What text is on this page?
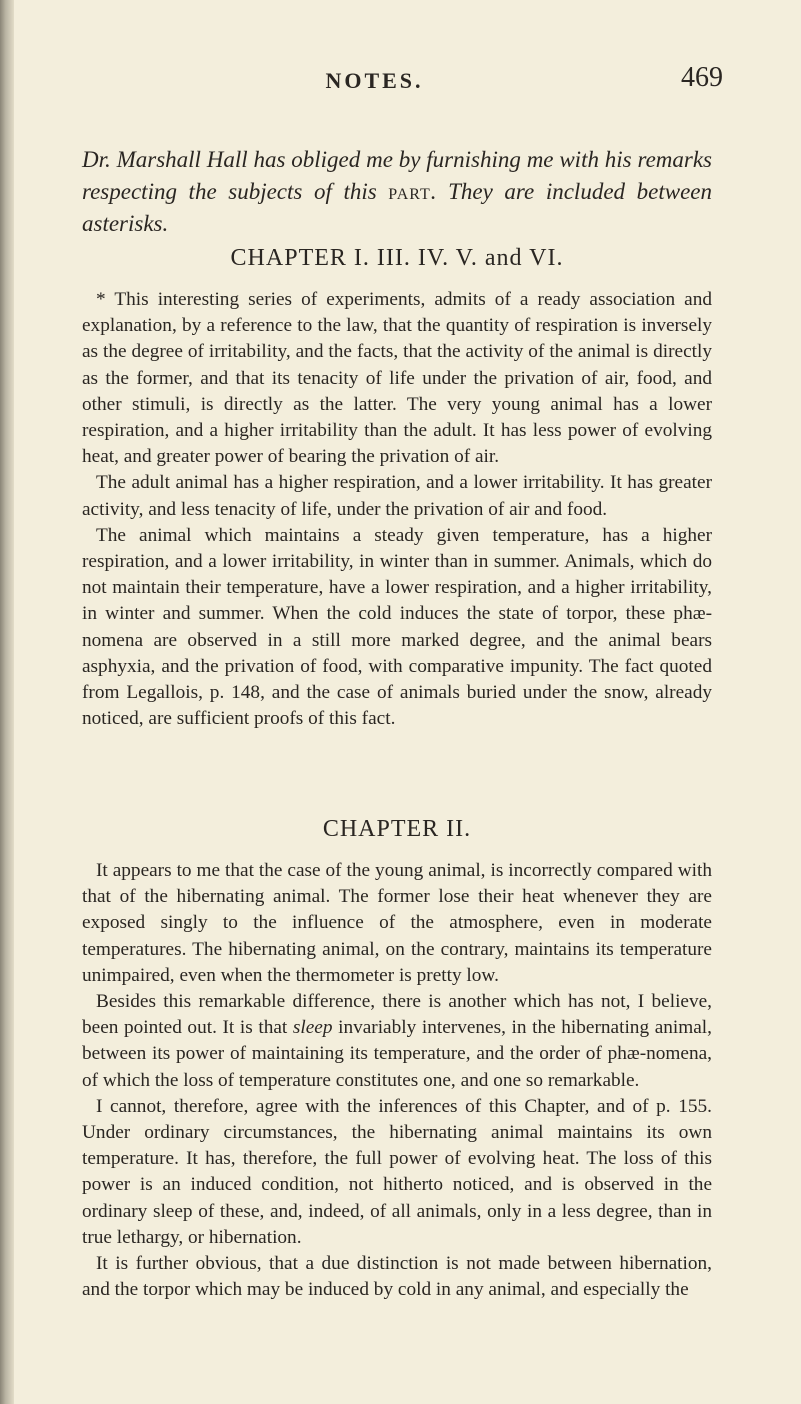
NOTES.	469
Dr. Marshall Hall has obliged me by furnishing me with his remarks respecting the subjects of this part. They are included between asterisks.
CHAPTER I. III. IV. V. and VI.

* This interesting series of experiments, admits of a ready association and explanation, by a reference to the law, that the quantity of respiration is inversely as the degree of irritability, and the facts, that the activity of the animal is directly as the former, and that its tenacity of life under the privation of air, food, and other stimuli, is directly as the latter. The very young animal has a lower respiration, and a higher irritability than the adult. It has less power of evolving heat, and greater power of bearing the privation of air.

The adult animal has a higher respiration, and a lower irritability. It has greater activity, and less tenacity of life, under the privation of air and food.

The animal which maintains a steady given temperature, has a higher respiration, and a lower irritability, in winter than in summer. Animals, which do not maintain their temperature, have a lower respiration, and a higher irritability, in winter and summer. When the cold induces the state of torpor, these phæ-nomena are observed in a still more marked degree, and the animal bears asphyxia, and the privation of food, with comparative impunity. The fact quoted from Legallois, p. 148, and the case of animals buried under the snow, already noticed, are sufficient proofs of this fact.

CHAPTER II.

It appears to me that the case of the young animal, is incorrectly compared with that of the hibernating animal. The former lose their heat whenever they are exposed singly to the influence of the atmosphere, even in moderate temperatures. The hibernating animal, on the contrary, maintains its temperature unimpaired, even when the thermometer is pretty low.

Besides this remarkable difference, there is another which has not, I believe, been pointed out. It is that sleep invariably intervenes, in the hibernating animal, between its power of maintaining its temperature, and the order of phæ-nomena, of which the loss of temperature constitutes one, and one so remarkable.

I cannot, therefore, agree with the inferences of this Chapter, and of p. 155. Under ordinary circumstances, the hibernating animal maintains its own temperature. It has, therefore, the full power of evolving heat. The loss of this power is an induced condition, not hitherto noticed, and is observed in the ordinary sleep of these, and, indeed, of all animals, only in a less degree, than in true lethargy, or hibernation.

It is further obvious, that a due distinction is not made between hibernation, and the torpor which may be induced by cold in any animal, and especially the
